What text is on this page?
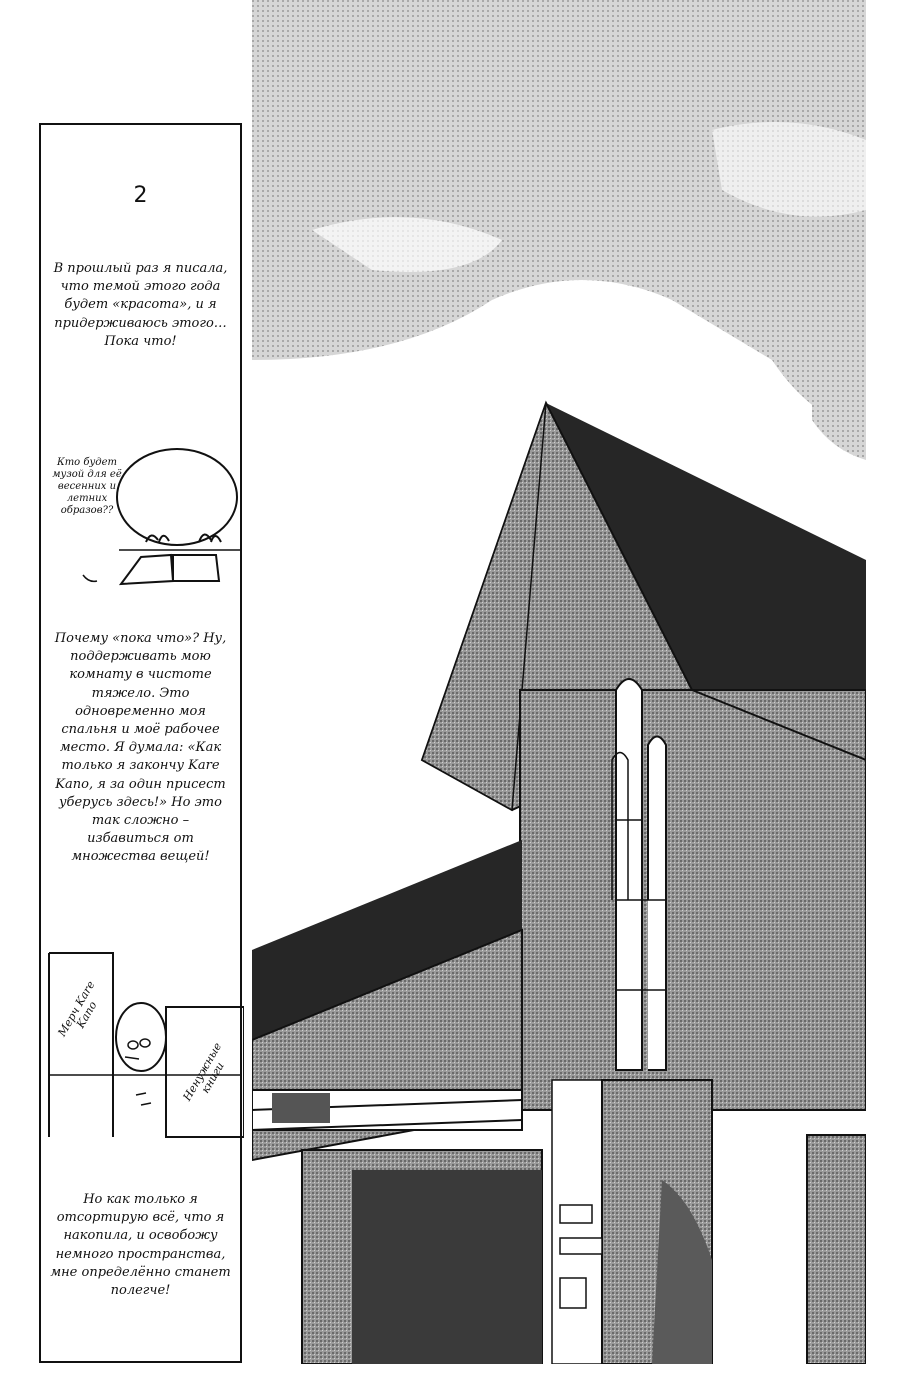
2

В прошлый раз я писала, что темой этого года будет «красота», и я придерживаюсь этого… Пока что!

Кто будет музой для её весенних и летних образов??

Почему «пока что»? Ну, поддерживать мою комнату в чистоте тяжело. Это одновременно моя спальня и моё рабочее место. Я думала: «Как только я закончу Kare Kano, я за один присест уберусь здесь!» Но это так сложно – избавиться от множества вещей!

Мерч Kare Kano
Ненужные книги

Но как только я отсортирую всё, что я накопила, и освобожу немного пространства, мне определённо станет полегче!
